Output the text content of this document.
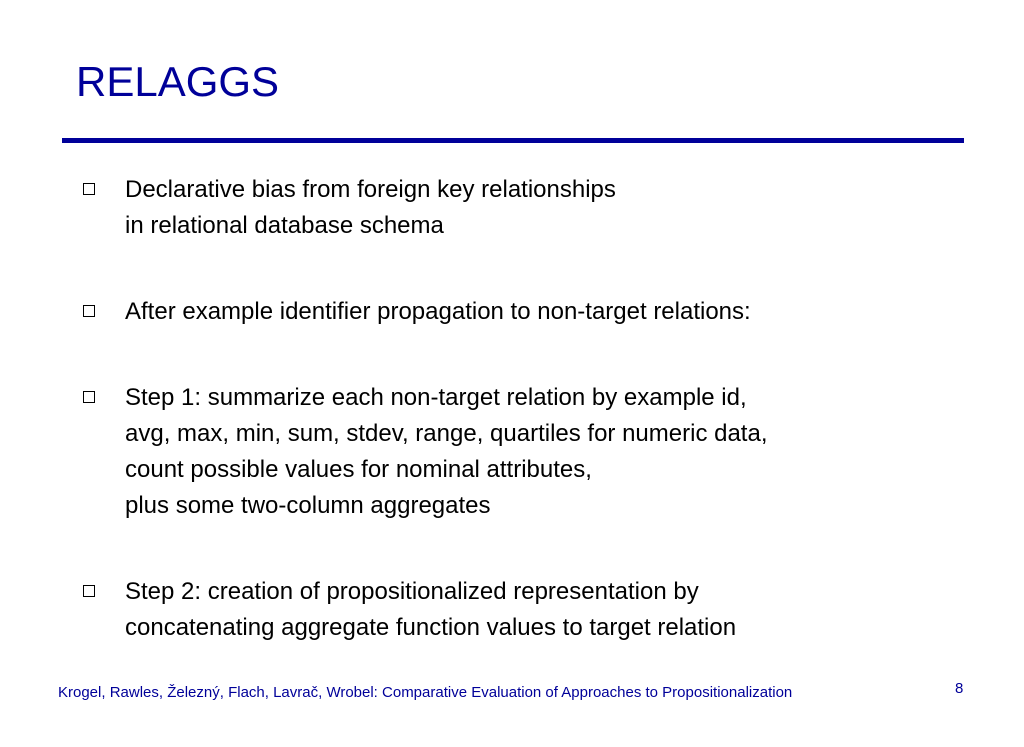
RELAGGS
Declarative bias from foreign key relationships
in relational database schema
After example identifier propagation to non-target relations:
Step 1: summarize each non-target relation by example id,
avg, max, min, sum, stdev, range, quartiles for numeric data,
count possible values for nominal attributes,
plus some two-column aggregates
Step 2: creation of propositionalized representation by
concatenating aggregate function values to target relation
Krogel, Rawles, Železný, Flach, Lavrač, Wrobel: Comparative Evaluation of Approaches to Propositionalization	8
